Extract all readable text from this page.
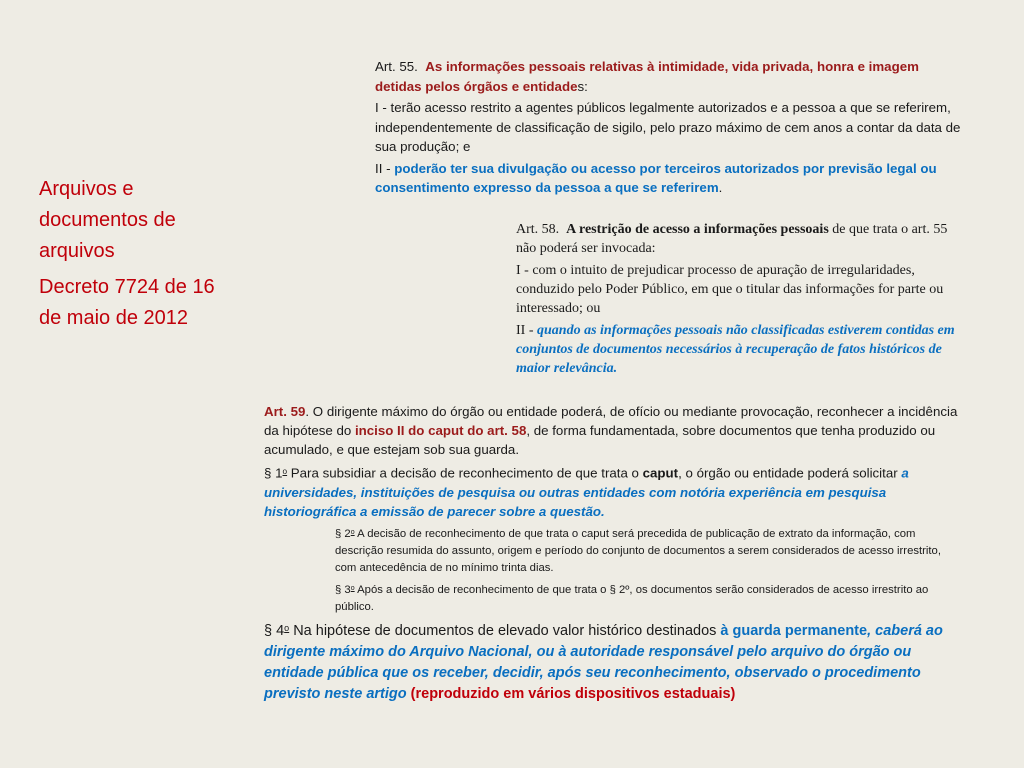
Arquivos e documentos de arquivos

Decreto 7724 de 16 de maio de 2012

Art. 55. As informações pessoais relativas à intimidade, vida privada, honra e imagem detidas pelos órgãos e entidades:

I - terão acesso restrito a agentes públicos legalmente autorizados e a pessoa a que se referirem, independentemente de classificação de sigilo, pelo prazo máximo de cem anos a contar da data de sua produção; e

II - poderão ter sua divulgação ou acesso por terceiros autorizados por previsão legal ou consentimento expresso da pessoa a que se referirem.

Art. 58. A restrição de acesso a informações pessoais de que trata o art. 55 não poderá ser invocada:

I - com o intuito de prejudicar processo de apuração de irregularidades, conduzido pelo Poder Público, em que o titular das informações for parte ou interessado; ou

II - quando as informações pessoais não classificadas estiverem contidas em conjuntos de documentos necessários à recuperação de fatos históricos de maior relevância.

Art. 59. O dirigente máximo do órgão ou entidade poderá, de ofício ou mediante provocação, reconhecer a incidência da hipótese do inciso II do caput do art. 58, de forma fundamentada, sobre documentos que tenha produzido ou acumulado, e que estejam sob sua guarda.

§ 1$^o$ Para subsidiar a decisão de reconhecimento de que trata o caput, o órgão ou entidade poderá solicitar a universidades, instituições de pesquisa ou outras entidades com notória experiência em pesquisa historiográfica a emissão de parecer sobre a questão.

§ 2$^o$ A decisão de reconhecimento de que trata o caput será precedida de publicação de extrato da informação, com descrição resumida do assunto, origem e período do conjunto de documentos a serem considerados de acesso irrestrito, com antecedência de no mínimo trinta dias.

§ 3$^o$ Após a decisão de reconhecimento de que trata o § 2º, os documentos serão considerados de acesso irrestrito ao público.

§ 4$^o$ Na hipótese de documentos de elevado valor histórico destinados à guarda permanente, caberá ao dirigente máximo do Arquivo Nacional, ou à autoridade responsável pelo arquivo do órgão ou entidade pública que os receber, decidir, após seu reconhecimento, observado o procedimento previsto neste artigo (reproduzido em vários dispositivos estaduais)
